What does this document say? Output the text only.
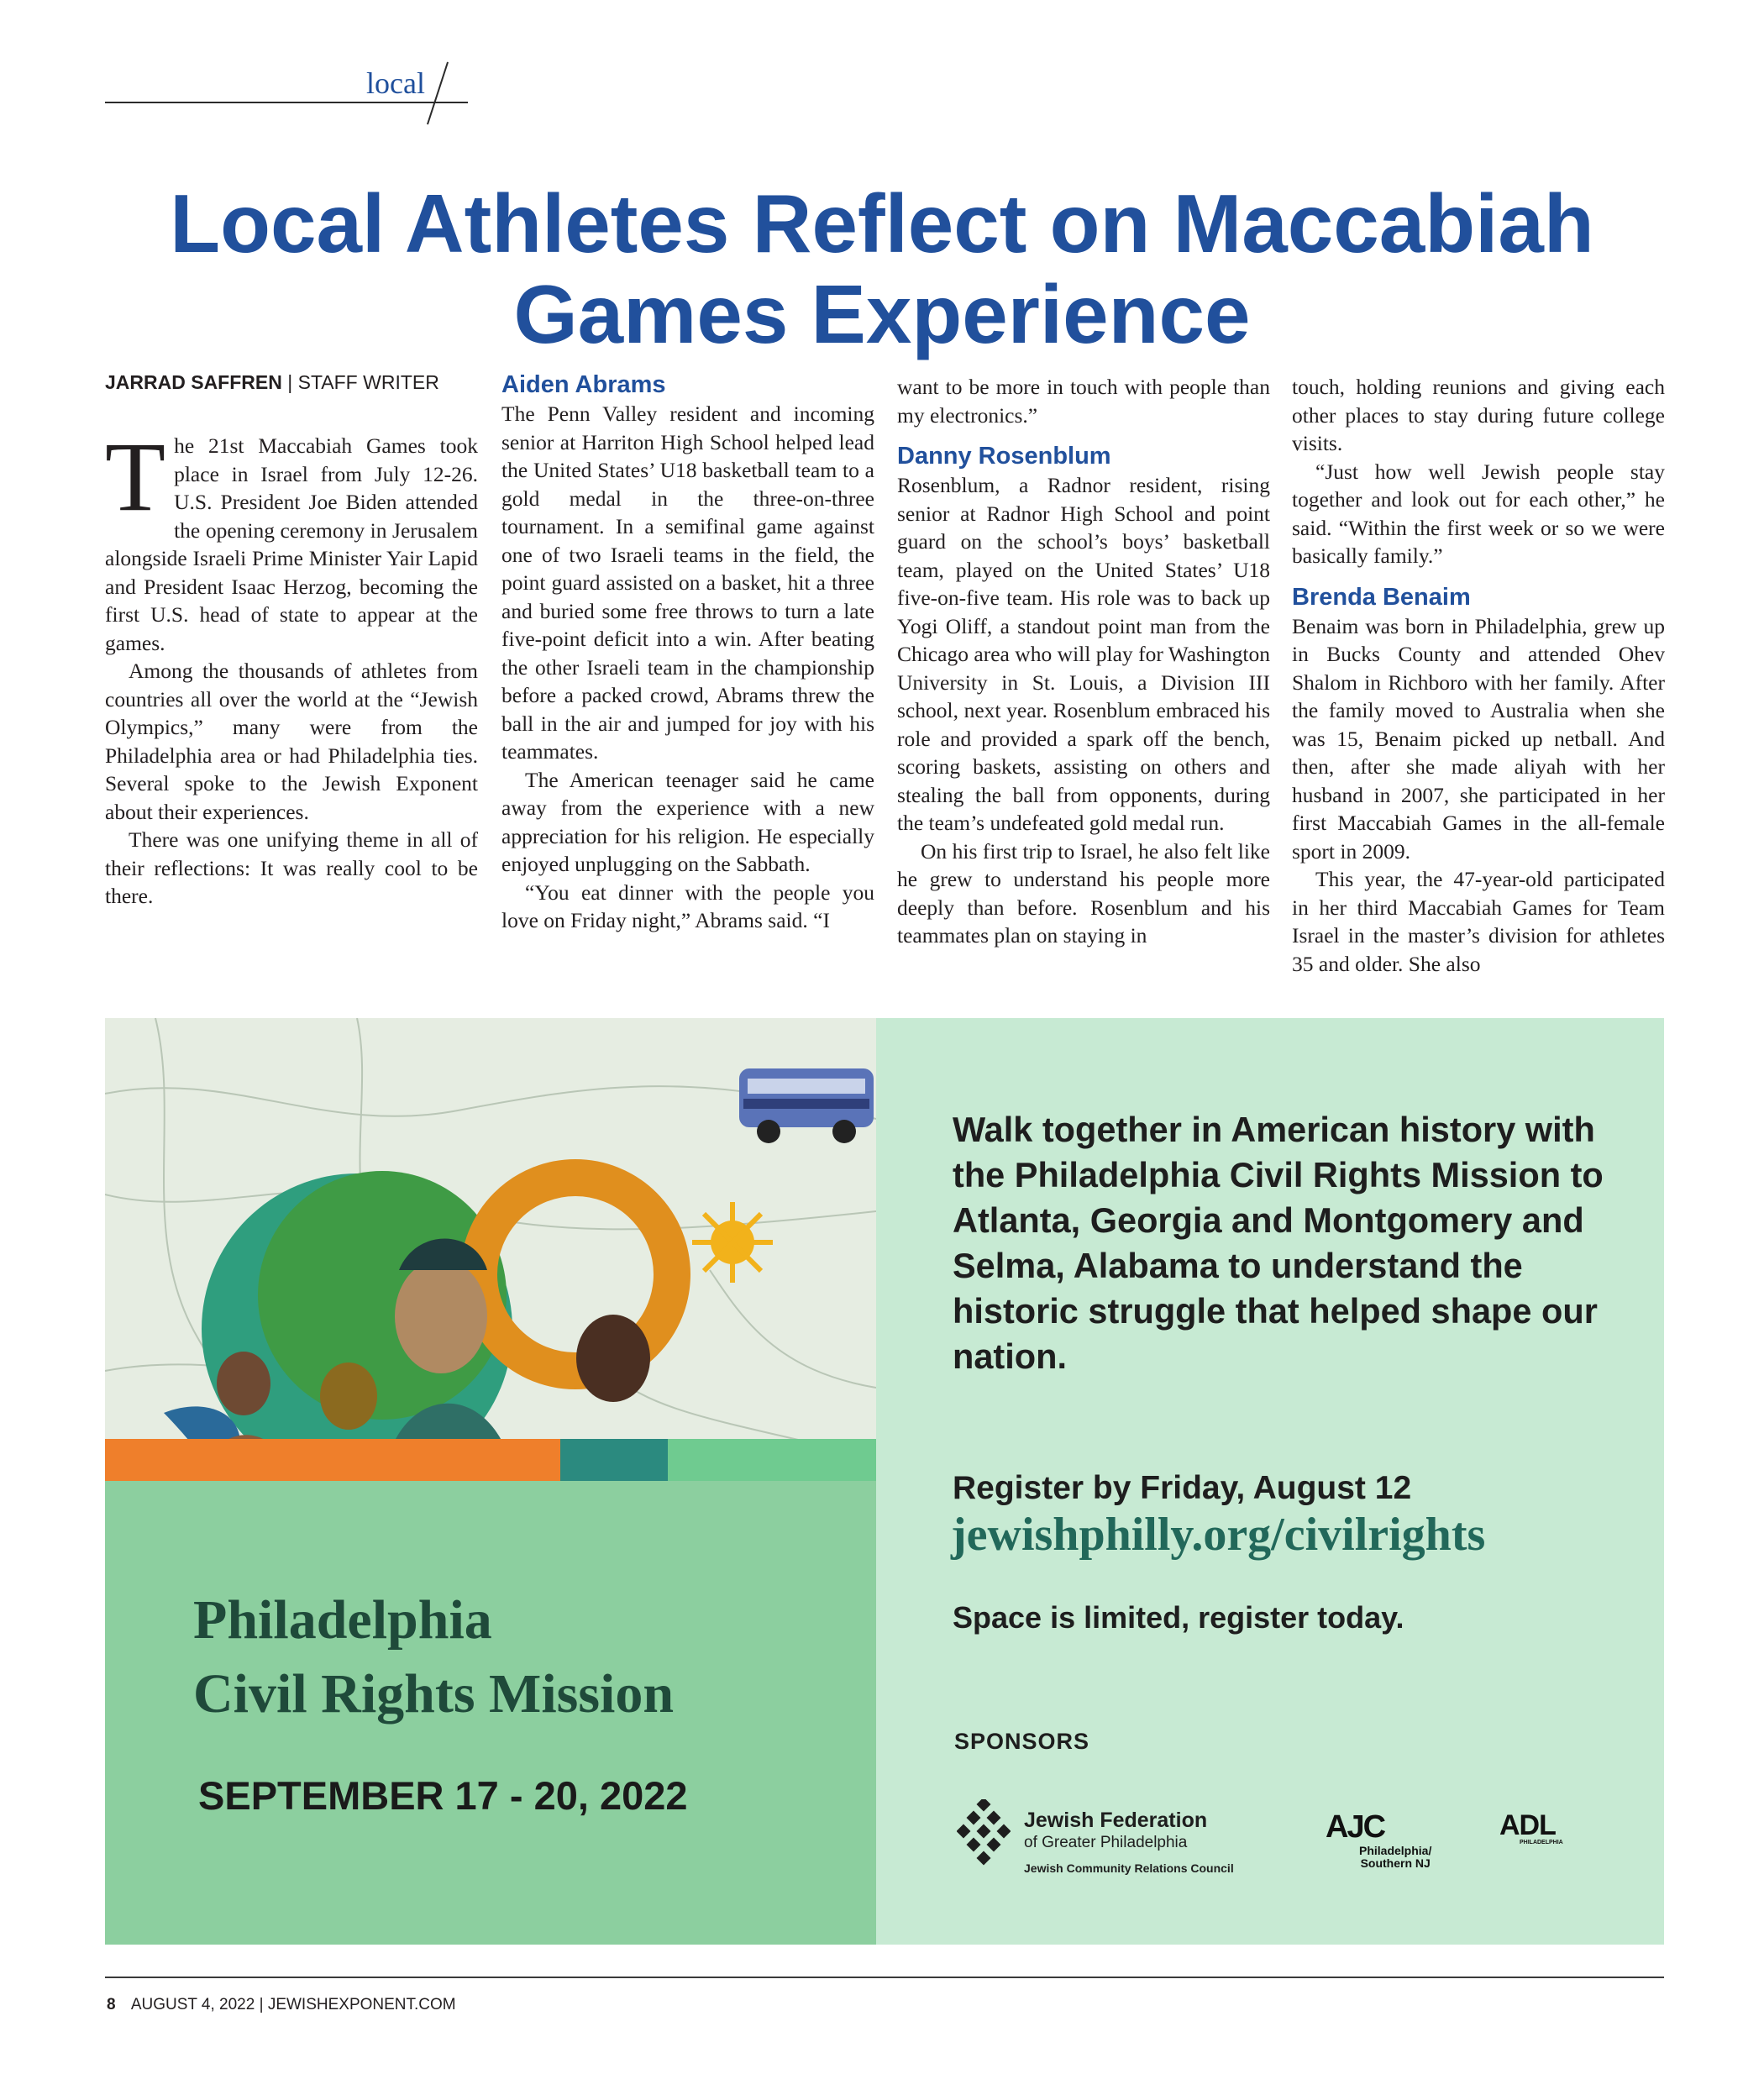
local
Local Athletes Reflect on Maccabiah
Games Experience
JARRAD SAFFREN | STAFF WRITER

The 21st Maccabiah Games took place in Israel from July 12-26. U.S. President Joe Biden attended the opening ceremony in Jerusalem alongside Israeli Prime Minister Yair Lapid and President Isaac Herzog, becoming the first U.S. head of state to appear at the games.

Among the thousands of athletes from countries all over the world at the “Jewish Olympics,” many were from the Philadelphia area or had Philadelphia ties. Several spoke to the Jewish Exponent about their experiences.

There was one unifying theme in all of their reflections: It was really cool to be there.

Aiden Abrams

The Penn Valley resident and incoming senior at Harriton High School helped lead the United States’ U18 basketball team to a gold medal in the three-on-three tournament. In a semifinal game against one of two Israeli teams in the field, the point guard assisted on a basket, hit a three and buried some free throws to turn a late five-point deficit into a win. After beating the other Israeli team in the championship before a packed crowd, Abrams threw the ball in the air and jumped for joy with his teammates.

The American teenager said he came away from the experience with a new appreciation for his religion. He especially enjoyed unplugging on the Sabbath.

“You eat dinner with the people you love on Friday night,” Abrams said. “I

want to be more in touch with people than my electronics.”

Danny Rosenblum

Rosenblum, a Radnor resident, rising senior at Radnor High School and point guard on the school’s boys’ basketball team, played on the United States’ U18 five-on-five team. His role was to back up Yogi Oliff, a standout point man from the Chicago area who will play for Washington University in St. Louis, a Division III school, next year. Rosenblum embraced his role and provided a spark off the bench, scoring baskets, assisting on others and stealing the ball from opponents, during the team’s undefeated gold medal run.

On his first trip to Israel, he also felt like he grew to understand his people more deeply than before. Rosenblum and his teammates plan on staying in

touch, holding reunions and giving each other places to stay during future college visits.

“Just how well Jewish people stay together and look out for each other,” he said. “Within the first week or so we were basically family.”

Brenda Benaim

Benaim was born in Philadelphia, grew up in Bucks County and attended Ohev Shalom in Richboro with her family. After the family moved to Australia when she was 15, Benaim picked up netball. And then, after she made aliyah with her husband in 2007, she participated in her first Maccabiah Games in the all-female sport in 2009.

This year, the 47-year-old participated in her third Maccabiah Games for Team Israel in the master’s division for athletes 35 and older. She also

Philadelphia
Civil Rights Mission
SEPTEMBER 17 - 20, 2022
Walk together in American history with the Philadelphia Civil Rights Mission to Atlanta, Georgia and Montgomery and Selma, Alabama to understand the historic struggle that helped shape our nation.
Register by Friday, August 12
jewishphilly.org/civilrights
Space is limited, register today.
SPONSORS
Jewish Federation
of Greater Philadelphia
Jewish Community Relations Council
AJC
Philadelphia/
Southern NJ
ADL
PHILADELPHIA
8 AUGUST 4, 2022 | JEWISHEXPONENT.COM
